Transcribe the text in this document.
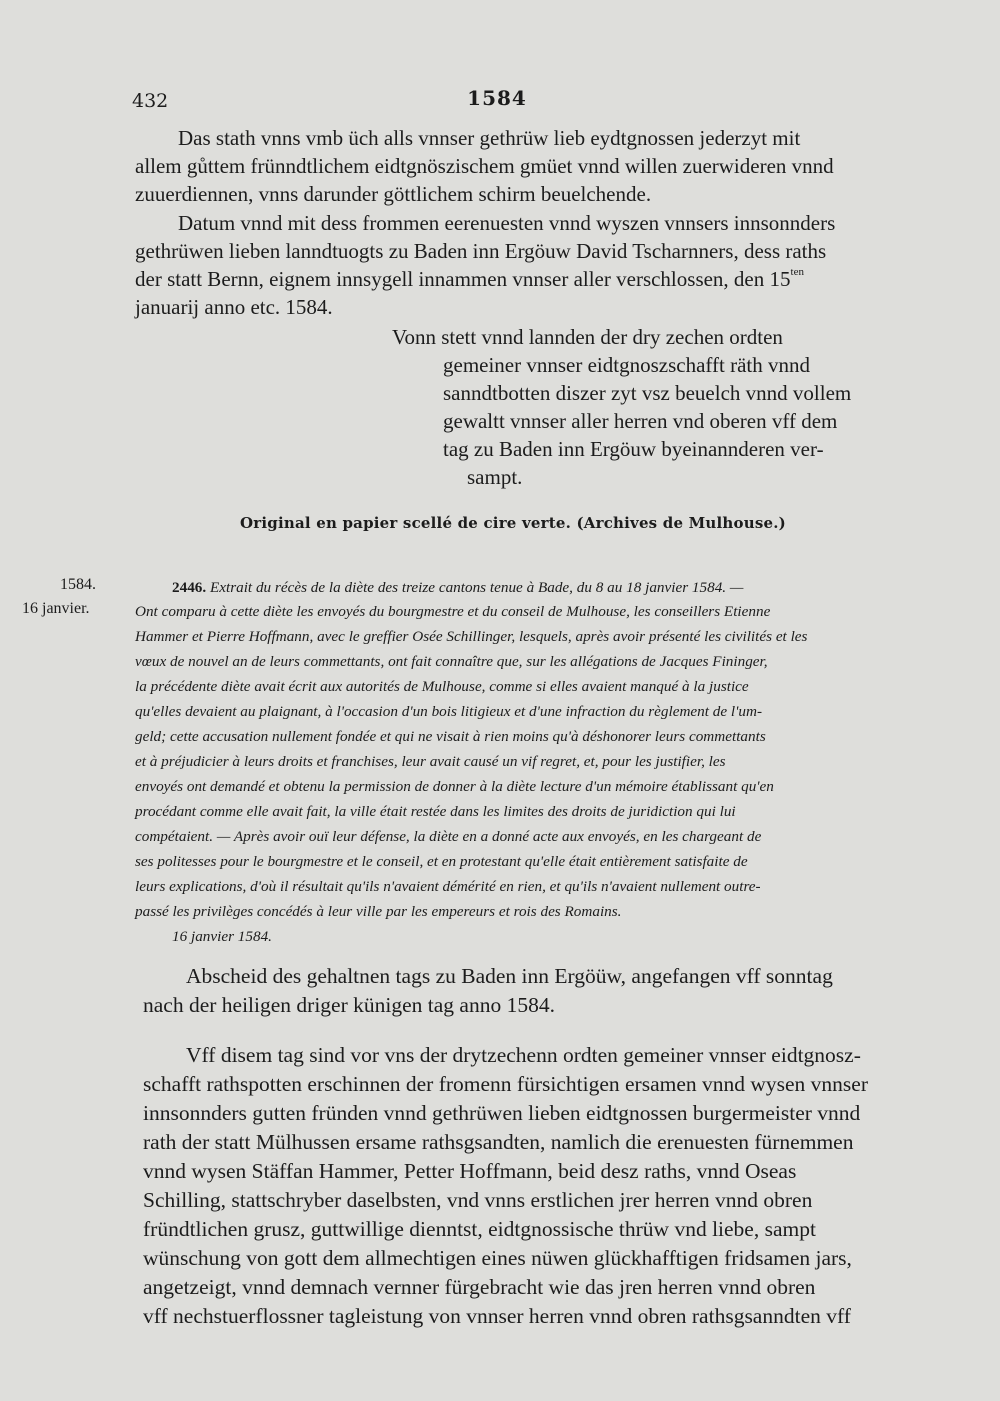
432	1584
Das stath vnns vmb üch alls vnnser gethrüw lieb eydtgnossen jederzyt mit
allem gůttem frünndtlichem eidtgnöszischem gmüet vnnd willen zuerwideren vnnd
zuuerdiennen, vnns darunder göttlichem schirm beuelchende.
Datum vnnd mit dess frommen eerenuesten vnnd wyszen vnnsers innsonnders
gethrüwen lieben lanndtuogts zu Baden inn Ergöuw David Tscharnners, dess raths
der statt Bernn, eignem innsygell innammen vnnser aller verschlossen, den $15^{ten}$
januarij anno etc. 1584.
Vonn stett vnnd lannden der dry zechen ordten
gemeiner vnnser eidtgnoszschafft räth vnnd
sanndtbotten diszer zyt vsz beuelch vnnd vollem
gewaltt vnnser aller herren vnd oberen vff dem
tag zu Baden inn Ergöuw byeinannderen ver-
sampt.
Original en papier scellé de cire verte. (Archives de Mulhouse.)
1584.
16 janvier.
2446. Extrait du récès de la diète des treize cantons tenue à Bade, du 8 au 18 janvier 1584. —
Ont comparu à cette diète les envoyés du bourgmestre et du conseil de Mulhouse, les conseillers Etienne
Hammer et Pierre Hoffmann, avec le greffier Osée Schillinger, lesquels, après avoir présenté les civilités et les
vœux de nouvel an de leurs commettants, ont fait connaître que, sur les allégations de Jacques Fininger,
la précédente diète avait écrit aux autorités de Mulhouse, comme si elles avaient manqué à la justice
qu'elles devaient au plaignant, à l'occasion d'un bois litigieux et d'une infraction du règlement de l'um-
geld; cette accusation nullement fondée et qui ne visait à rien moins qu'à déshonorer leurs commettants
et à préjudicier à leurs droits et franchises, leur avait causé un vif regret, et, pour les justifier, les
envoyés ont demandé et obtenu la permission de donner à la diète lecture d'un mémoire établissant qu'en
procédant comme elle avait fait, la ville était restée dans les limites des droits de juridiction qui lui
compétaient. — Après avoir ouï leur défense, la diète en a donné acte aux envoyés, en les chargeant de
ses politesses pour le bourgmestre et le conseil, et en protestant qu'elle était entièrement satisfaite de
leurs explications, d'où il résultait qu'ils n'avaient démérité en rien, et qu'ils n'avaient nullement outre-
passé les privilèges concédés à leur ville par les empereurs et rois des Romains.
16 janvier 1584.
Abscheid des gehaltnen tags zu Baden inn Ergöüw, angefangen vff sonntag
nach der heiligen driger künigen tag anno 1584.
Vff disem tag sind vor vns der drytzechenn ordten gemeiner vnnser eidtgnosz-
schafft rathspotten erschinnen der fromenn fürsichtigen ersamen vnnd wysen vnnser
innsonnders gutten fründen vnnd gethrüwen lieben eidtgnossen burgermeister vnnd
rath der statt Mülhussen ersame rathsgsandten, namlich die erenuesten fürnemmen
vnnd wysen Stäffan Hammer, Petter Hoffmann, beid desz raths, vnnd Oseas
Schilling, stattschryber daselbsten, vnd vnns erstlichen jrer herren vnnd obren
fründtlichen grusz, guttwillige dienntst, eidtgnossische thrüw vnd liebe, sampt
wünschung von gott dem allmechtigen eines nüwen glückhafftigen fridsamen jars,
angetzeigt, vnnd demnach vernner fürgebracht wie das jren herren vnnd obren
vff nechstuerflossner tagleistung von vnnser herren vnnd obren rathsgsanndten vff
